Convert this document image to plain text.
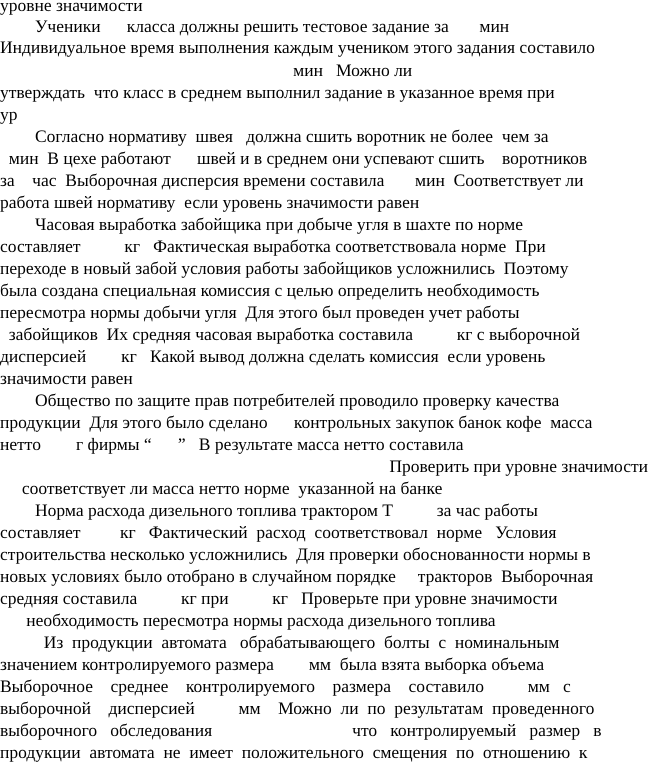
уровне значимости
Ученики      класса должны решить тестовое задание за       мин
Индивидуальное время выполнения каждым учеником этого задания составило
мин   Можно ли
утверждать  что класс в среднем выполнил задание в указанное время при
ур
Согласно нормативу  швея   должна сшить воротник не более  чем за
мин  В цехе работают      швей и в среднем они успевают сшить    воротников
за    час  Выборочная дисперсия времени составила       мин  Соответствует ли
работа швей нормативу  если уровень значимости равен
Часовая выработка забойщика при добыче угля в шахте по норме
составляет          кг   Фактическая выработка соответствовала норме  При
переходе в новый забой условия работы забойщиков усложнились  Поэтому
была создана специальная комиссия с целью определить необходимость
пересмотра нормы добычи угля  Для этого был проведен учет работы
забойщиков  Их средняя часовая выработка составила          кг с выборочной
дисперсией        кг   Какой вывод должна сделать комиссия  если уровень
значимости равен
Общество по защите прав потребителей проводило проверку качества
продукции  Для этого было сделано      контрольных закупок банок кофе  масса
нетто        г фирмы “      ”   В результате масса нетто составила
Проверить при уровне значимости
соответствует ли масса нетто норме  указанной на банке
Норма расхода дизельного топлива трактором Т          за час работы
составляет         кг   Фактический  расход  соответствовал  норме   Условия
строительства несколько усложнились  Для проверки обоснованности нормы в
новых условиях было отобрано в случайном порядке     тракторов  Выборочная
средняя составила          кг при          кг   Проверьте при уровне значимости
необходимость пересмотра нормы расхода дизельного топлива
Из  продукции  автомата   обрабатывающего  болты  с  номинальным
значением контролируемого размера        мм  была взята выборка объема
Выборочное    среднее    контролируемого    размера    составило          мм   с
выборочной    дисперсией          мм    Можно  ли  по  результатам  проведенного
выборочного   обследования                                что   контролируемый   размер   в
продукции  автомата  не  имеет  положительного  смещения  по  отношению  к
